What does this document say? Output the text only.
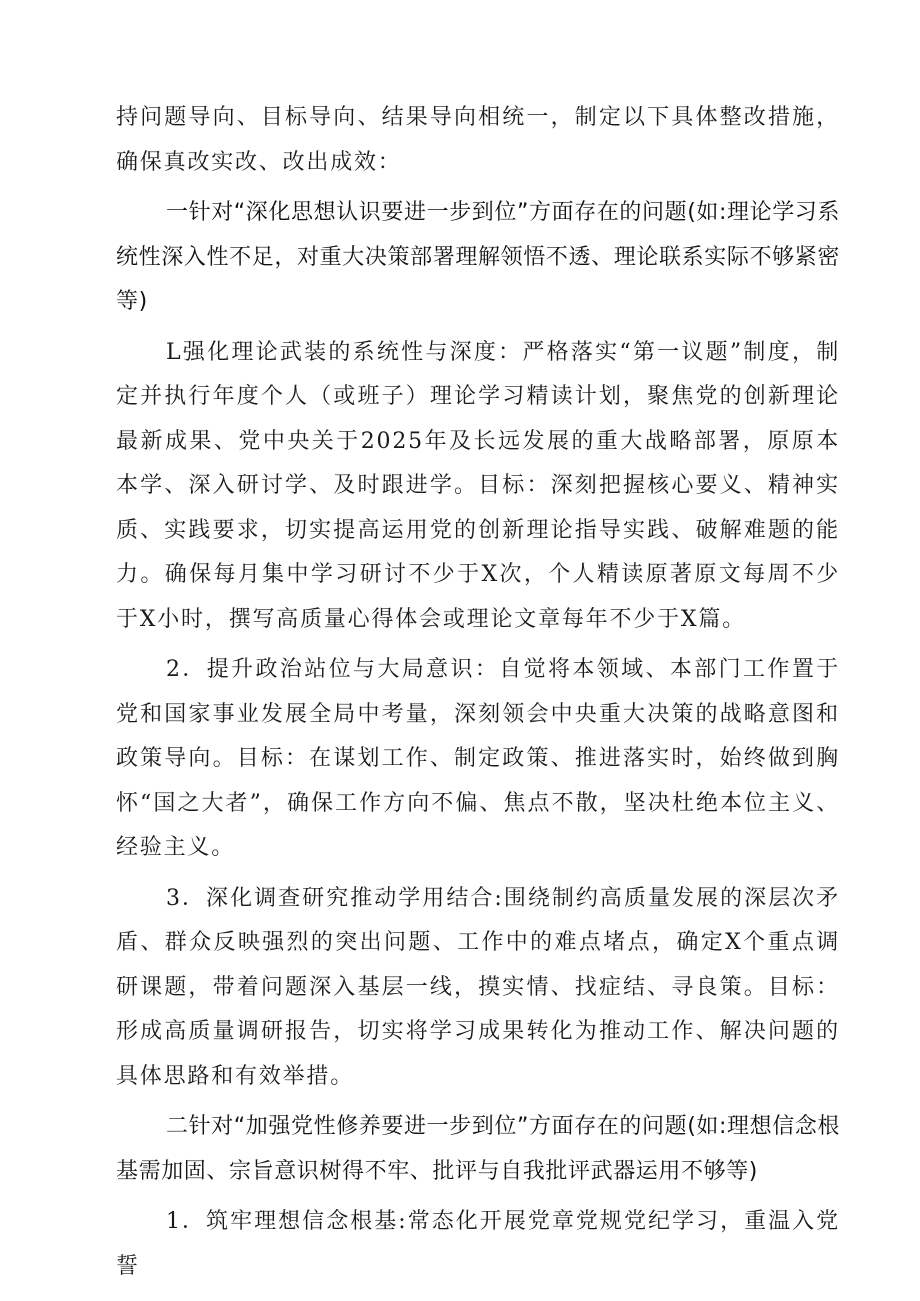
持问题导向、目标导向、结果导向相统一，制定以下具体整改措施，确保真改实改、改出成效：

一针对“深化思想认识要进一步到位”方面存在的问题(如:理论学习系统性深入性不足，对重大决策部署理解领悟不透、理论联系实际不够紧密等)

L强化理论武装的系统性与深度：严格落实“第一议题”制度，制定并执行年度个人（或班子）理论学习精读计划，聚焦党的创新理论最新成果、党中央关于2025年及长远发展的重大战略部署，原原本本学、深入研讨学、及时跟进学。目标：深刻把握核心要义、精神实质、实践要求，切实提高运用党的创新理论指导实践、破解难题的能力。确保每月集中学习研讨不少于X次，个人精读原著原文每周不少于X小时，撰写高质量心得体会或理论文章每年不少于X篇。

2．提升政治站位与大局意识：自觉将本领域、本部门工作置于党和国家事业发展全局中考量，深刻领会中央重大决策的战略意图和政策导向。目标：在谋划工作、制定政策、推进落实时，始终做到胸怀“国之大者”，确保工作方向不偏、焦点不散，坚决杜绝本位主义、经验主义。

3．深化调查研究推动学用结合:围绕制约高质量发展的深层次矛盾、群众反映强烈的突出问题、工作中的难点堵点，确定X个重点调研课题，带着问题深入基层一线，摸实情、找症结、寻良策。目标：形成高质量调研报告，切实将学习成果转化为推动工作、解决问题的具体思路和有效举措。

二针对“加强党性修养要进一步到位”方面存在的问题(如:理想信念根基需加固、宗旨意识树得不牢、批评与自我批评武器运用不够等)

1．筑牢理想信念根基:常态化开展党章党规党纪学习，重温入党誓
